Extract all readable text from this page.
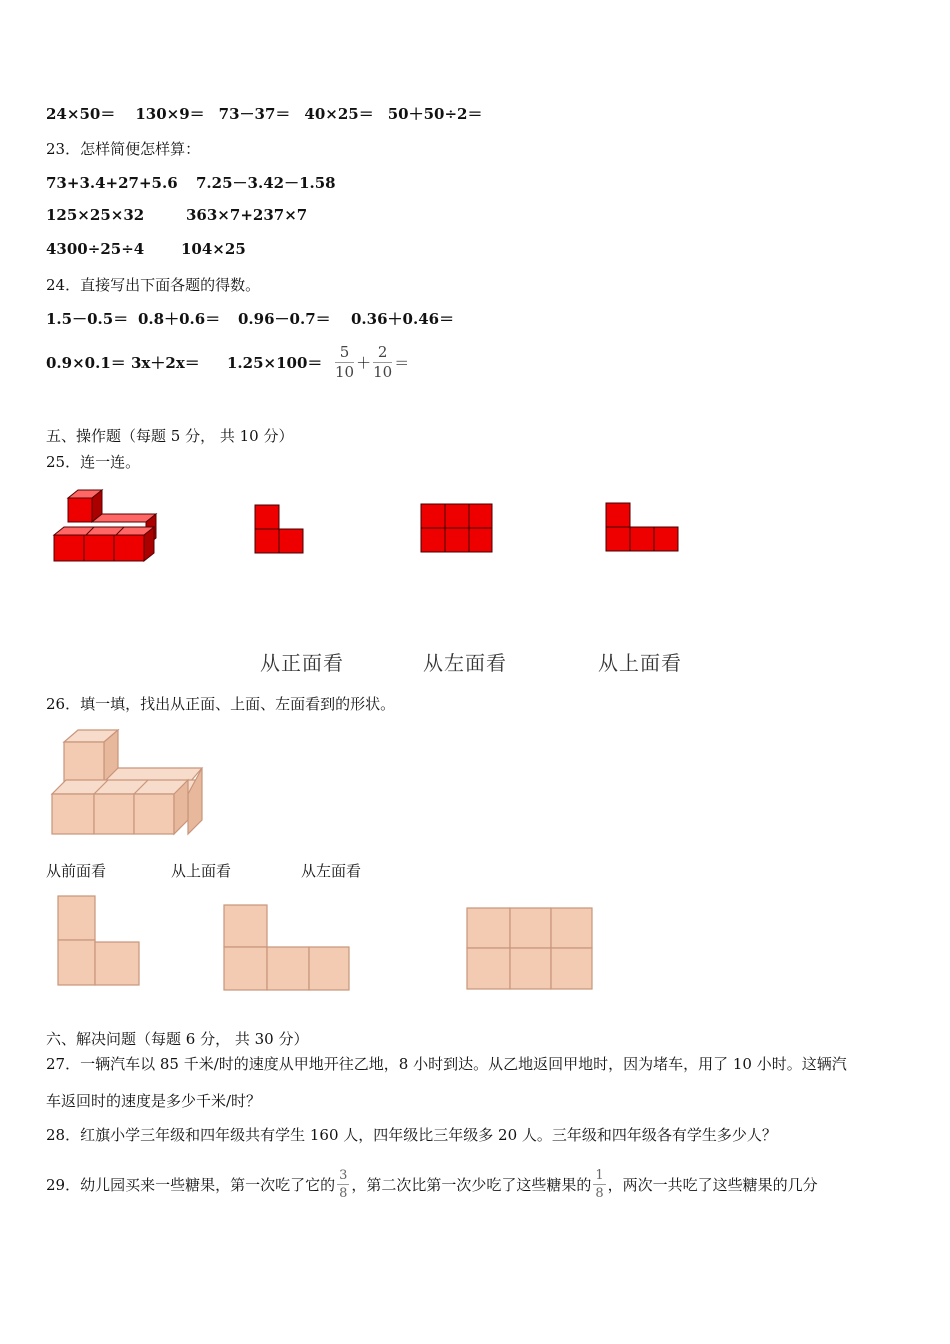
24×50＝ 130×9＝ 73－37＝ 40×25＝ 50＋50÷2＝
23．怎样简便怎样算：
73+3.4+27+5.6 7.25－3.42－1.58
125×25×32	363×7+237×7
4300÷25÷4 104×25
24．直接写出下面各题的得数。
1.5－0.5＝ 0.8＋0.6＝ 0.96－0.7＝ 0.36＋0.46＝
0.9×0.1＝ 3x＋2x＝	$1.25\times 100= \frac{5}{10} + \frac{2}{10}$ ＝
五、操作题（每题 5 分， 共 10 分）
25．连一连。
从正面看	从左面看	从上面看
26．填一填，找出从正面、上面、左面看到的形状。
从前面看	从上面看	从左面看
六、解决问题（每题 6 分， 共 30 分）
27．一辆汽车以 85 千米/时的速度从甲地开往乙地，8 小时到达。从乙地返回甲地时，因为堵车，用了 10 小时。这辆汽
车返回时的速度是多少千米/时？
28．红旗小学三年级和四年级共有学生 160 人，四年级比三年级多 20 人。三年级和四年级各有学生多少人？
29．幼儿园买来一些糖果，第一次吃了它的 $\frac{3}{8}$ ，第二次比第一次少吃了这些糖果的 $\frac{1}{8}$ ，两次一共吃了这些糖果的几分
